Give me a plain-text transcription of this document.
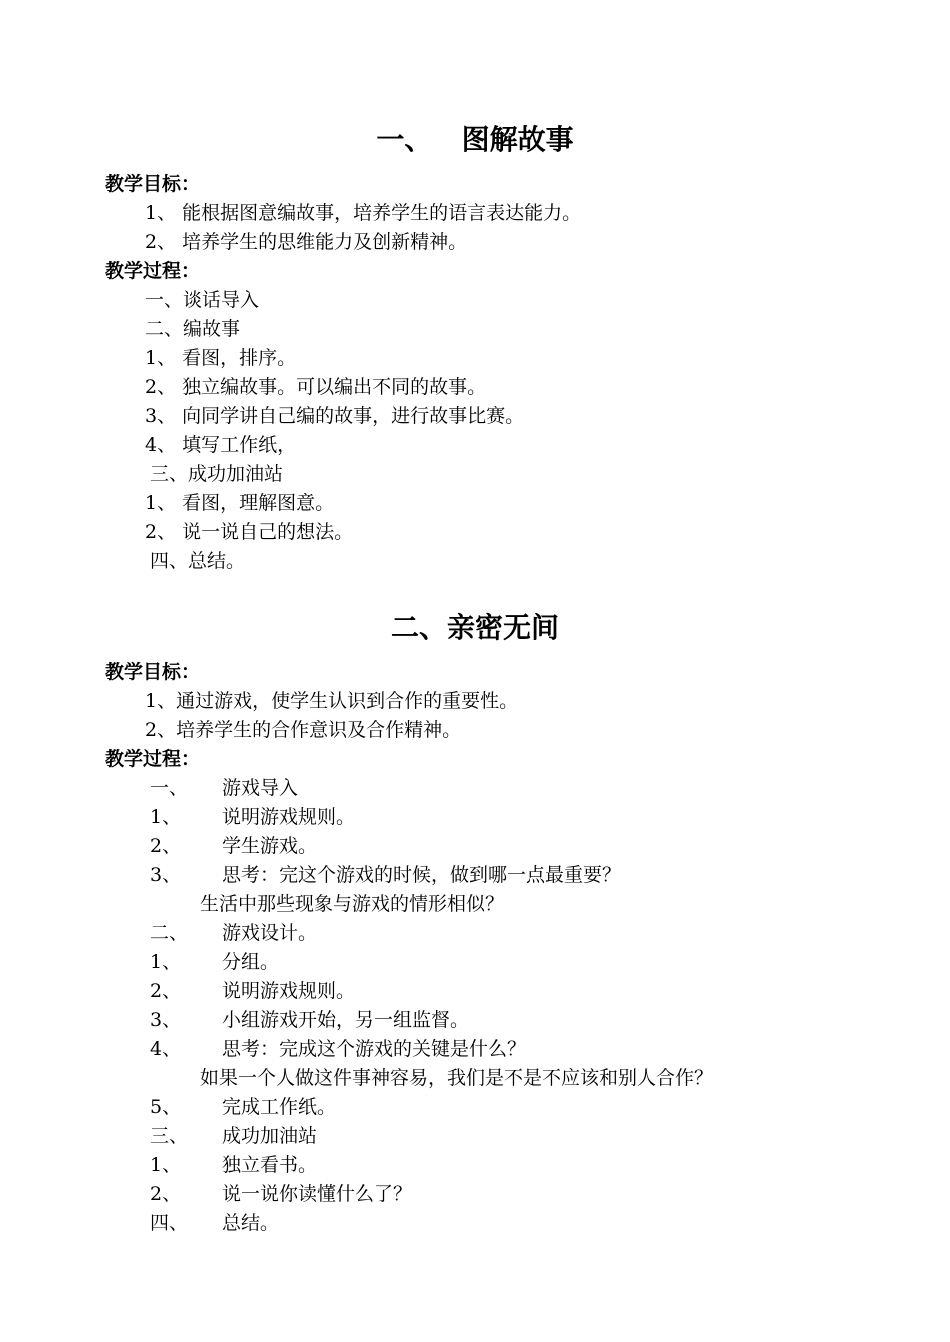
一、   图解故事
教学目标：
1、 能根据图意编故事，培养学生的语言表达能力。
2、 培养学生的思维能力及创新精神。
教学过程：
一、谈话导入
二、编故事
1、 看图，排序。
2、 独立编故事。可以编出不同的故事。
3、 向同学讲自己编的故事，进行故事比赛。
4、 填写工作纸，
三、成功加油站
1、 看图，理解图意。
2、 说一说自己的想法。
四、总结。
二、亲密无间
教学目标：
1、通过游戏，使学生认识到合作的重要性。
2、培养学生的合作意识及合作精神。
教学过程：
一、 游戏导入
1、 说明游戏规则。
2、 学生游戏。
3、 思考：完这个游戏的时候，做到哪一点最重要？
生活中那些现象与游戏的情形相似？
二、 游戏设计。
1、 分组。
2、 说明游戏规则。
3、 小组游戏开始，另一组监督。
4、 思考：完成这个游戏的关键是什么？
如果一个人做这件事神容易，我们是不是不应该和别人合作？
5、 完成工作纸。
三、 成功加油站
1、 独立看书。
2、 说一说你读懂什么了？
四、 总结。
